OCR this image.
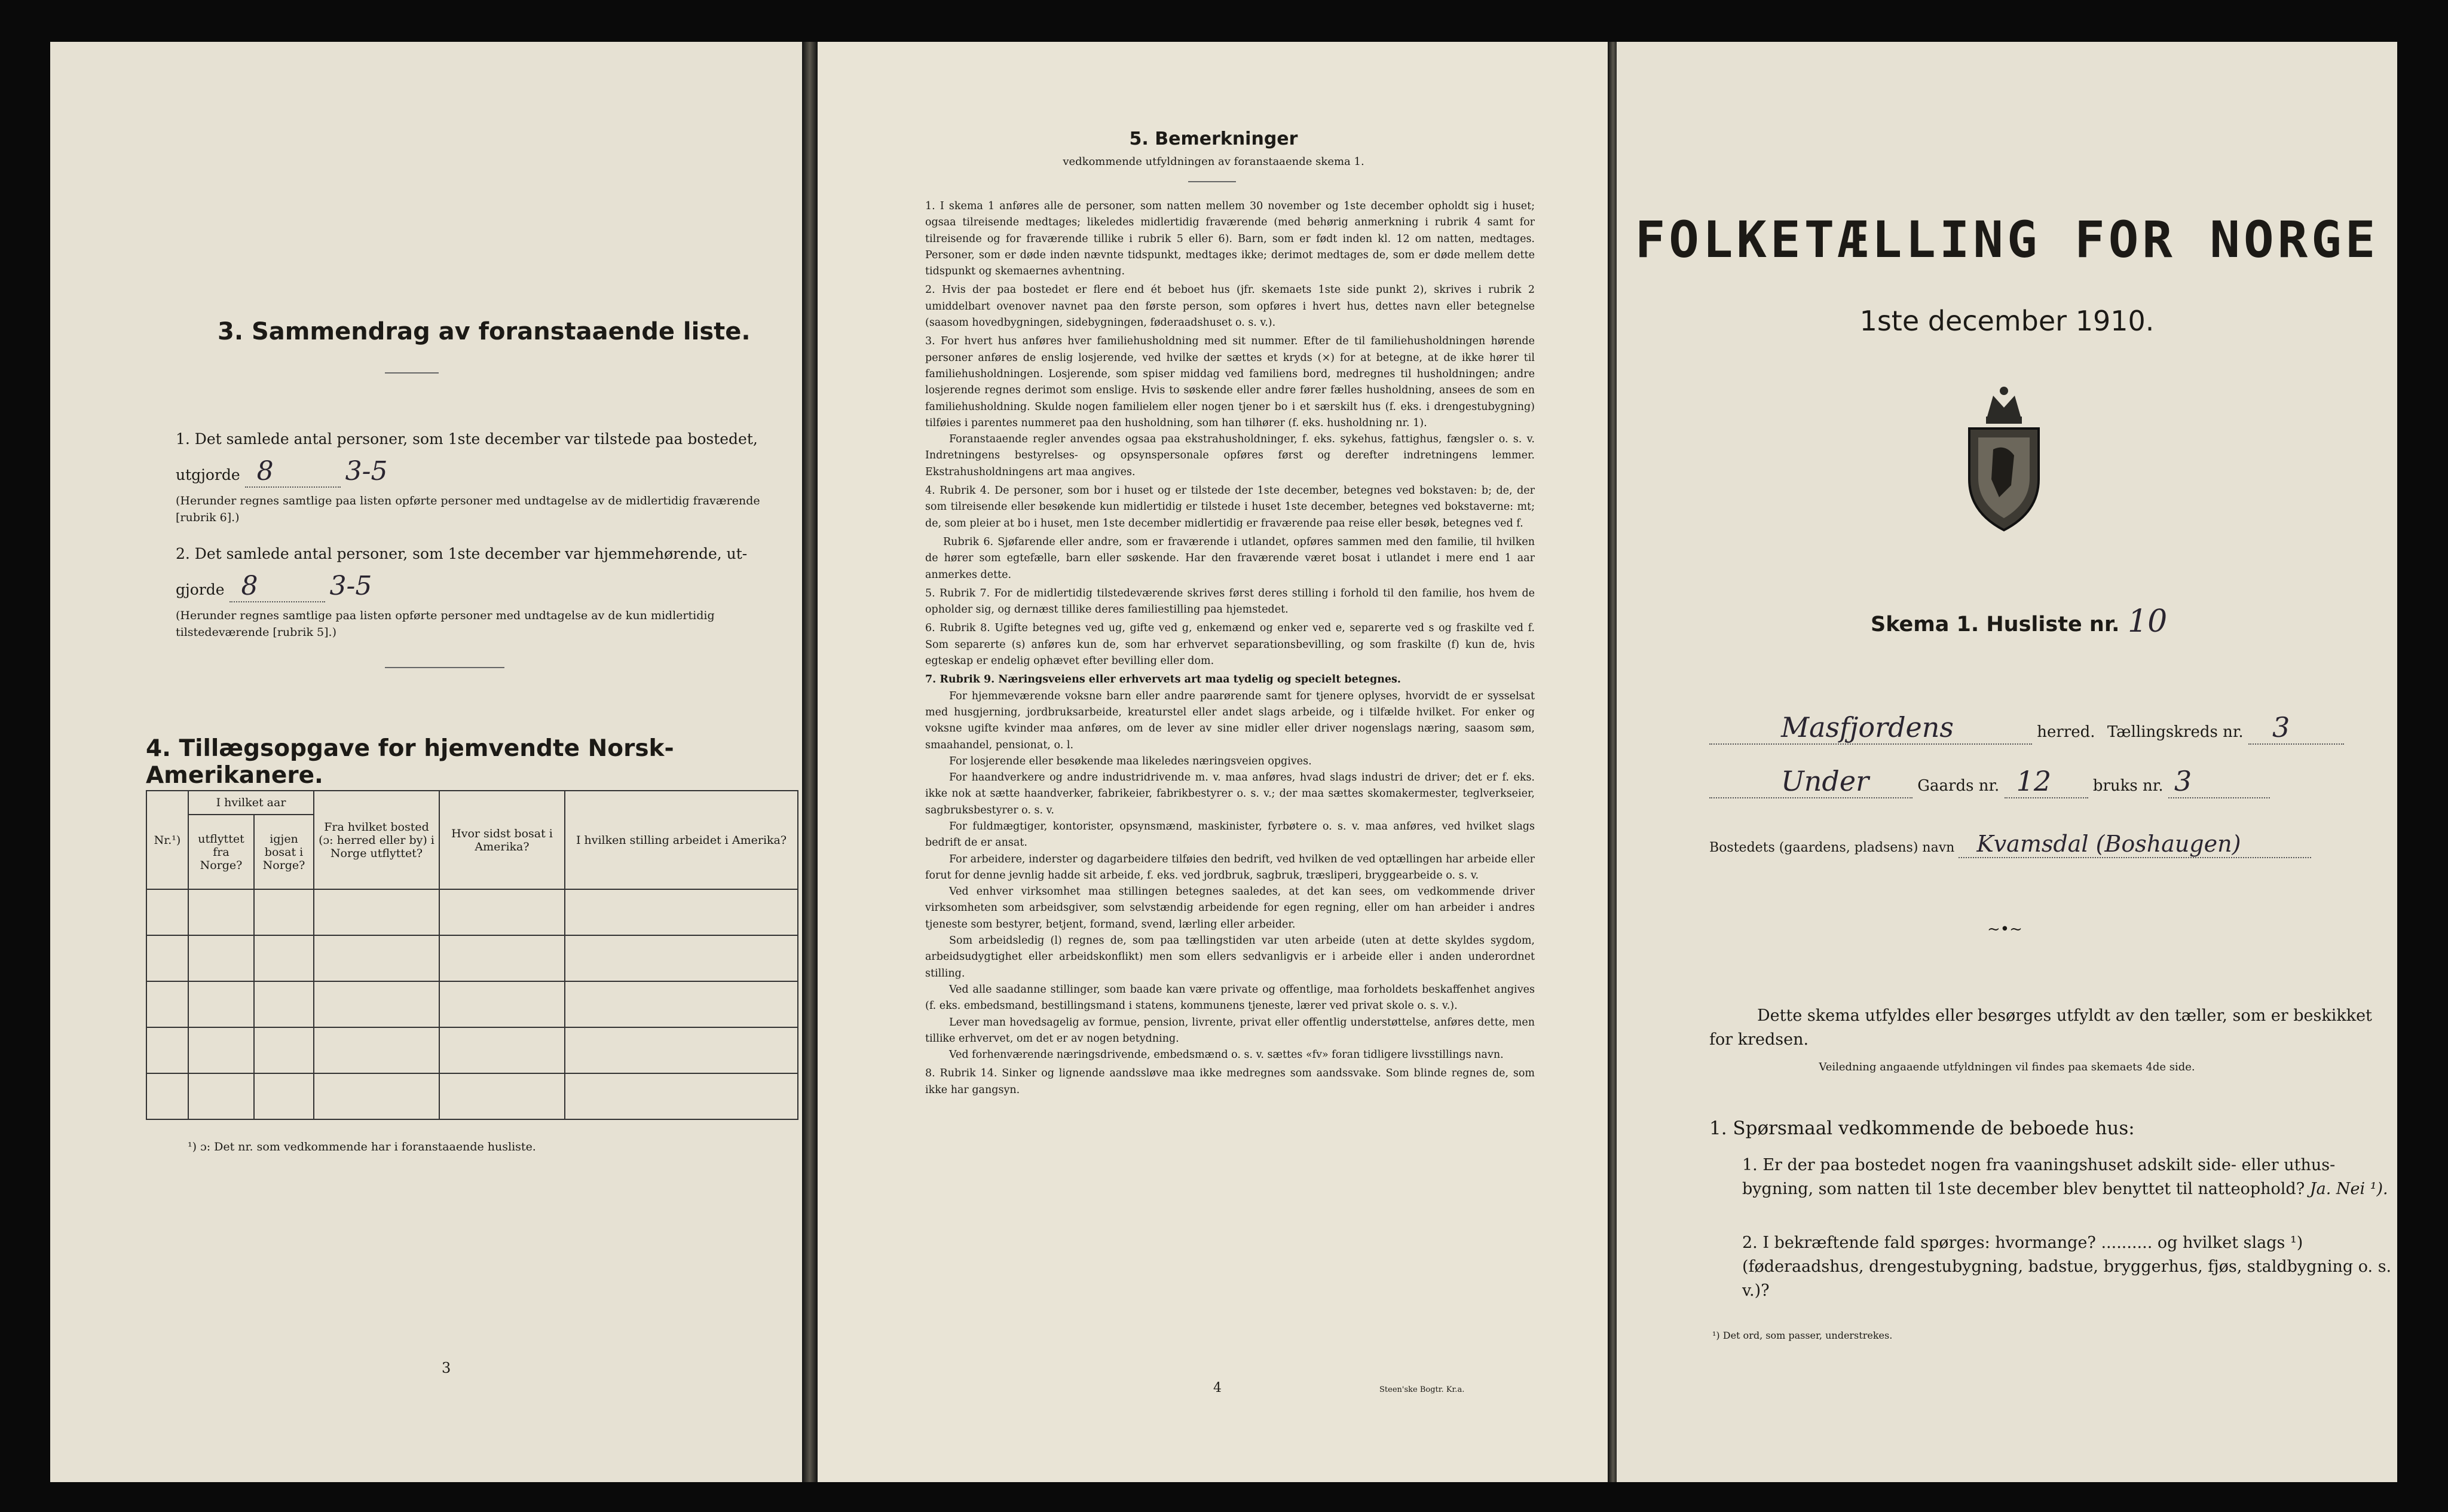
3. Sammendrag av foranstaaende liste.
1. Det samlede antal personer, som 1ste december var tilstede paa bostedet,
utgjorde 8	3-5
(Herunder regnes samtlige paa listen opførte personer med undtagelse av de midlertidig fraværende [rubrik 6].)
2. Det samlede antal personer, som 1ste december var hjemmehørende, ut-
gjorde 8	3-5
(Herunder regnes samtlige paa listen opførte personer med undtagelse av de kun midlertidig tilstedeværende [rubrik 5].)
4. Tillægsopgave for hjemvendte Norsk-Amerikanere.
Nr.¹)	I hvilket aar		Fra hvilket bosted (ɔ: herred eller by) i Norge utflyttet?	Hvor sidst bosat i Amerika?	I hvilken stilling arbeidet i Amerika?
	utflyttet fra Norge?	igjen bosat i Norge?			

¹) ɔ: Det nr. som vedkommende har i foranstaaende husliste.
3
5. Bemerkninger
vedkommende utfyldningen av foranstaaende skema 1.

1. I skema 1 anføres alle de personer, som natten mellem 30 november og 1ste december opholdt sig i huset; ogsaa tilreisende medtages; likeledes midlertidig fraværende (med behørig anmerkning i rubrik 4 samt for tilreisende og for fraværende tillike i rubrik 5 eller 6). Barn, som er født inden kl. 12 om natten, medtages. Personer, som er døde inden nævnte tidspunkt, medtages ikke; derimot medtages de, som er døde mellem dette tidspunkt og skemaernes avhentning.

2. Hvis der paa bostedet er flere end ét beboet hus (jfr. skemaets 1ste side punkt 2), skrives i rubrik 2 umiddelbart ovenover navnet paa den første person, som opføres i hvert hus, dettes navn eller betegnelse (saasom hovedbygningen, sidebygningen, føderaadshuset o. s. v.).

3. For hvert hus anføres hver familiehusholdning med sit nummer. Efter de til familiehusholdningen hørende personer anføres de enslig losjerende, ved hvilke der sættes et kryds (×) for at betegne, at de ikke hører til familiehusholdningen. Losjerende, som spiser middag ved familiens bord, medregnes til husholdningen; andre losjerende regnes derimot som enslige. Hvis to søskende eller andre fører fælles husholdning, ansees de som en familiehusholdning. Skulde nogen familielem eller nogen tjener bo i et særskilt hus (f. eks. i drengestubygning) tilføies i parentes nummeret paa den husholdning, som han tilhører (f. eks. husholdning nr. 1).

Foranstaaende regler anvendes ogsaa paa ekstrahusholdninger, f. eks. sykehus, fattighus, fængsler o. s. v. Indretningens bestyrelses- og opsynspersonale opføres først og derefter indretningens lemmer. Ekstrahusholdningens art maa angives.

4. Rubrik 4. De personer, som bor i huset og er tilstede der 1ste december, betegnes ved bokstaven: b; de, der som tilreisende eller besøkende kun midlertidig er tilstede i huset 1ste december, betegnes ved bokstaverne: mt; de, som pleier at bo i huset, men 1ste december midlertidig er fraværende paa reise eller besøk, betegnes ved f.

Rubrik 6. Sjøfarende eller andre, som er fraværende i utlandet, opføres sammen med den familie, til hvilken de hører som egtefælle, barn eller søskende. Har den fraværende været bosat i utlandet i mere end 1 aar anmerkes dette.

5. Rubrik 7. For de midlertidig tilstedeværende skrives først deres stilling i forhold til den familie, hos hvem de opholder sig, og dernæst tillike deres familiestilling paa hjemstedet.

6. Rubrik 8. Ugifte betegnes ved ug, gifte ved g, enkemænd og enker ved e, separerte ved s og fraskilte ved f. Som separerte (s) anføres kun de, som har erhvervet separationsbevilling, og som fraskilte (f) kun de, hvis egteskap er endelig ophævet efter bevilling eller dom.

7. Rubrik 9. Næringsveiens eller erhvervets art maa tydelig og specielt betegnes.

For hjemmeværende voksne barn eller andre paarørende samt for tjenere oplyses, hvorvidt de er sysselsat med husgjerning, jordbruksarbeide, kreaturstel eller andet slags arbeide, og i tilfælde hvilket. For enker og voksne ugifte kvinder maa anføres, om de lever av sine midler eller driver nogenslags næring, saasom søm, smaahandel, pensionat, o. l.

For losjerende eller besøkende maa likeledes næringsveien opgives.

For haandverkere og andre industridrivende m. v. maa anføres, hvad slags industri de driver; det er f. eks. ikke nok at sætte haandverker, fabrikeier, fabrikbestyrer o. s. v.; der maa sættes skomakermester, teglverkseier, sagbruksbestyrer o. s. v.

For fuldmægtiger, kontorister, opsynsmænd, maskinister, fyrbøtere o. s. v. maa anføres, ved hvilket slags bedrift de er ansat.

For arbeidere, inderster og dagarbeidere tilføies den bedrift, ved hvilken de ved optællingen har arbeide eller forut for denne jevnlig hadde sit arbeide, f. eks. ved jordbruk, sagbruk, træsliperi, bryggearbeide o. s. v.

Ved enhver virksomhet maa stillingen betegnes saaledes, at det kan sees, om vedkommende driver virksomheten som arbeidsgiver, som selvstændig arbeidende for egen regning, eller om han arbeider i andres tjeneste som bestyrer, betjent, formand, svend, lærling eller arbeider.

Som arbeidsledig (l) regnes de, som paa tællingstiden var uten arbeide (uten at dette skyldes sygdom, arbeidsudygtighet eller arbeidskonflikt) men som ellers sedvanligvis er i arbeide eller i anden underordnet stilling.

Ved alle saadanne stillinger, som baade kan være private og offentlige, maa forholdets beskaffenhet angives (f. eks. embedsmand, bestillingsmand i statens, kommunens tjeneste, lærer ved privat skole o. s. v.).

Lever man hovedsagelig av formue, pension, livrente, privat eller offentlig understøttelse, anføres dette, men tillike erhvervet, om det er av nogen betydning.

Ved forhenværende næringsdrivende, embedsmænd o. s. v. sættes «fv» foran tidligere livsstillings navn.

8. Rubrik 14. Sinker og lignende aandssløve maa ikke medregnes som aandssvake. Som blinde regnes de, som ikke har gangsyn.

4	Steen'ske Bogtr. Kr.a.
FOLKETÆLLING FOR NORGE
1ste december 1910.
Skema 1. Husliste nr. 10
Masfjordens	herred. Tællingskreds nr. 3
Under	Gaards nr. 12	bruks nr. 3
Bostedets (gaardens, pladsens) navn Kvamsdal (Boshaugen)
~•~
Dette skema utfyldes eller besørges utfyldt av den tæller, som er beskikket for kredsen.
Veiledning angaaende utfyldningen vil findes paa skemaets 4de side.
1. Spørsmaal vedkommende de beboede hus:
1. Er der paa bostedet nogen fra vaaningshuset adskilt side- eller uthus-bygning, som natten til 1ste december blev benyttet til natteophold? Ja. Nei ¹).
2. I bekræftende fald spørges: hvormange? .......... og hvilket slags ¹) (føderaadshus, drengestubygning, badstue, bryggerhus, fjøs, staldbygning o. s. v.)?
¹) Det ord, som passer, understrekes.
